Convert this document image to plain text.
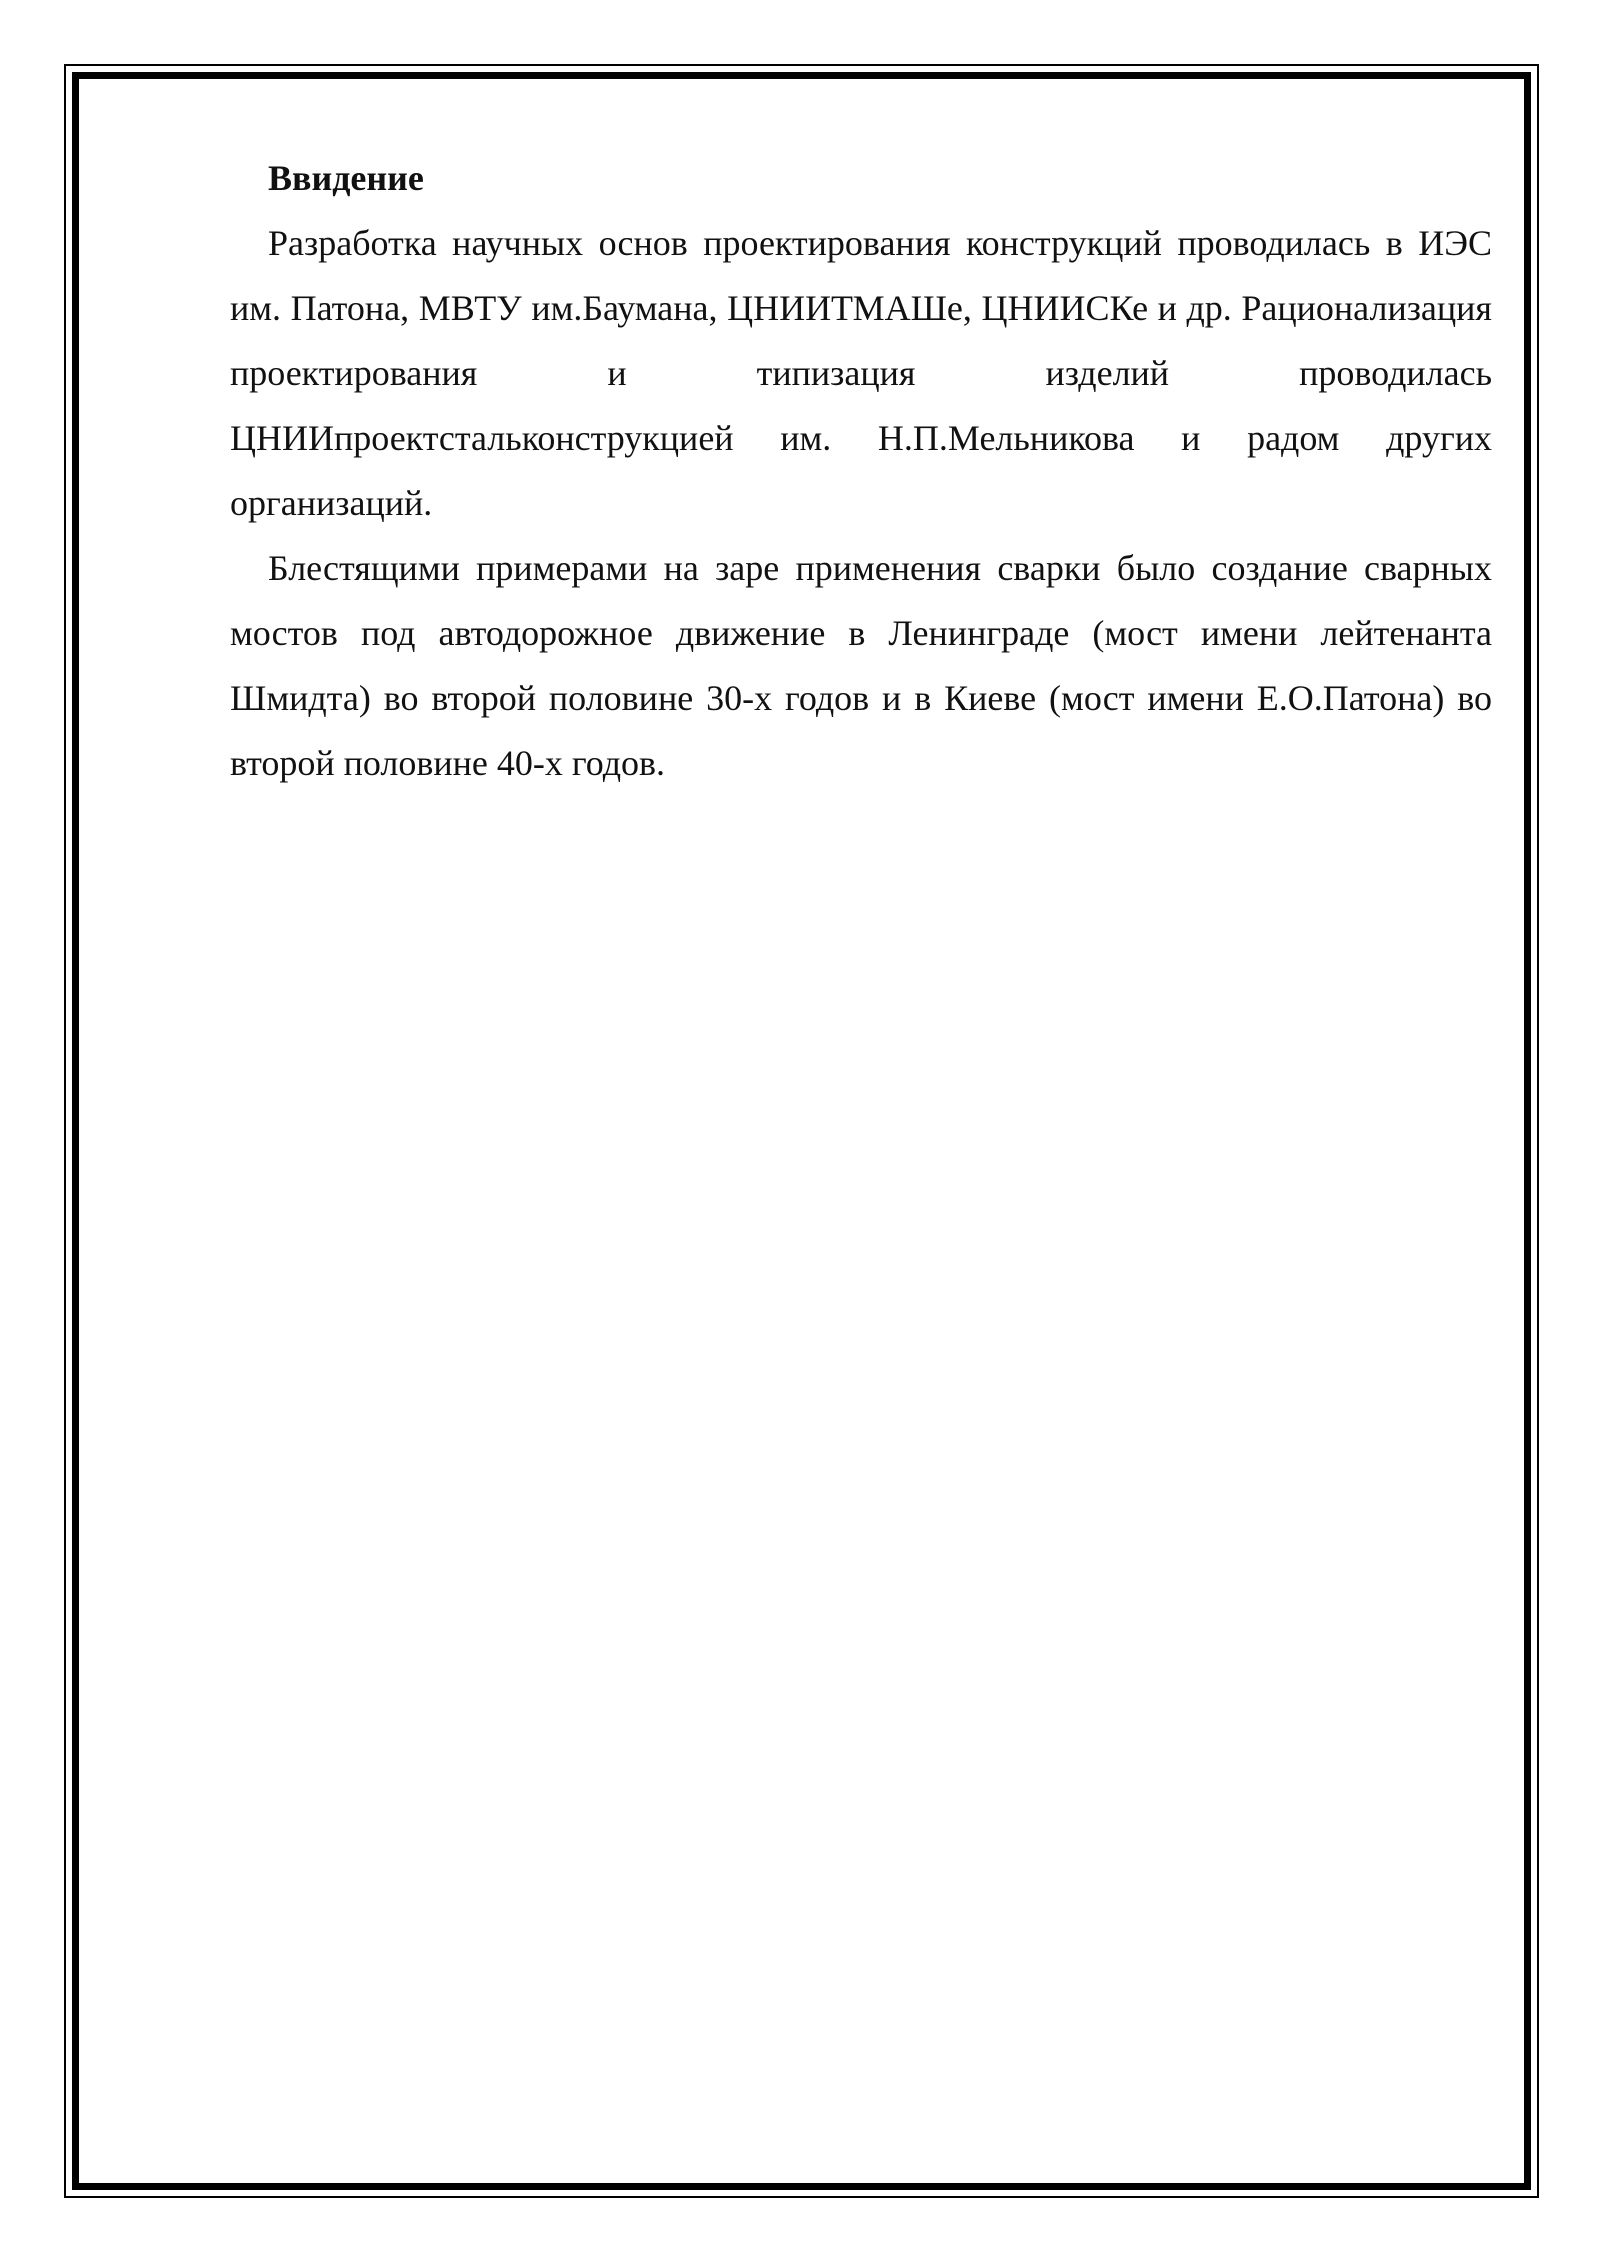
Ввидение

Разработка научных основ проектирования конструкций проводилась в ИЭС им. Патона, МВТУ им.Баумана, ЦНИИТМАШе, ЦНИИСКе и др. Рационализация проектирования и типизация изделий проводилась ЦНИИпроектстальконструкцией им. Н.П.Мельникова и радом других организаций.

Блестящими примерами на заре применения сварки было создание сварных мостов под автодорожное движение в Ленинграде (мост имени лейтенанта Шмидта) во второй половине 30-х годов и в Киеве (мост имени Е.О.Патона) во второй половине 40-х годов.
